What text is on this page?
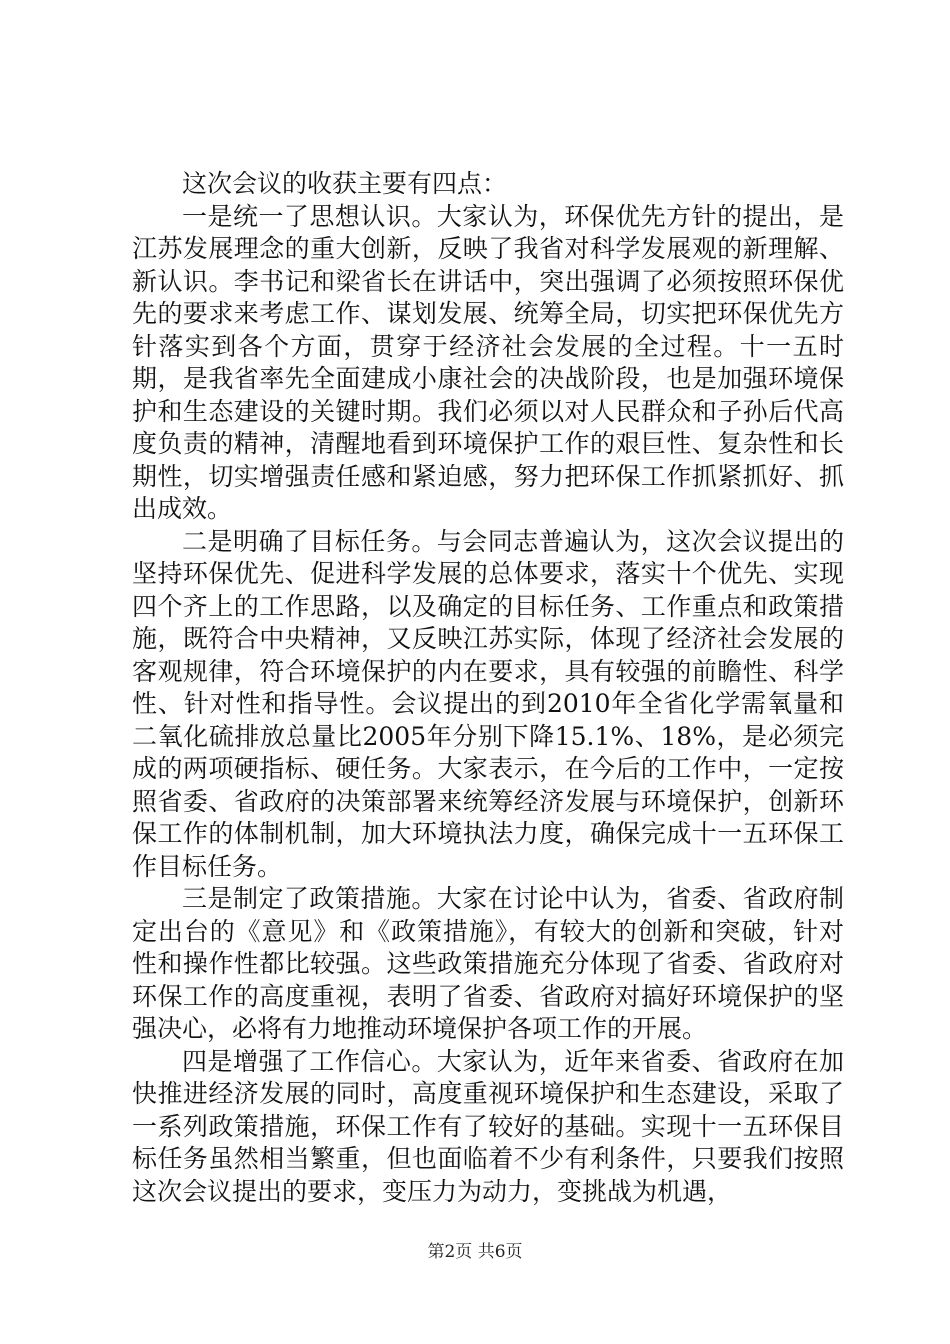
这次会议的收获主要有四点：

一是统一了思想认识。大家认为，环保优先方针的提出，是江苏发展理念的重大创新，反映了我省对科学发展观的新理解、新认识。李书记和梁省长在讲话中，突出强调了必须按照环保优先的要求来考虑工作、谋划发展、统筹全局，切实把环保优先方针落实到各个方面，贯穿于经济社会发展的全过程。十一五时期，是我省率先全面建成小康社会的决战阶段，也是加强环境保护和生态建设的关键时期。我们必须以对人民群众和子孙后代高度负责的精神，清醒地看到环境保护工作的艰巨性、复杂性和长期性，切实增强责任感和紧迫感，努力把环保工作抓紧抓好、抓出成效。

二是明确了目标任务。与会同志普遍认为，这次会议提出的坚持环保优先、促进科学发展的总体要求，落实十个优先、实现四个齐上的工作思路，以及确定的目标任务、工作重点和政策措施，既符合中央精神，又反映江苏实际，体现了经济社会发展的客观规律，符合环境保护的内在要求，具有较强的前瞻性、科学性、针对性和指导性。会议提出的到2010年全省化学需氧量和二氧化硫排放总量比2005年分别下降15.1%、18%，是必须完成的两项硬指标、硬任务。大家表示，在今后的工作中，一定按照省委、省政府的决策部署来统筹经济发展与环境保护，创新环保工作的体制机制，加大环境执法力度，确保完成十一五环保工作目标任务。

三是制定了政策措施。大家在讨论中认为，省委、省政府制定出台的《意见》和《政策措施》，有较大的创新和突破，针对性和操作性都比较强。这些政策措施充分体现了省委、省政府对环保工作的高度重视，表明了省委、省政府对搞好环境保护的坚强决心，必将有力地推动环境保护各项工作的开展。

四是增强了工作信心。大家认为，近年来省委、省政府在加快推进经济发展的同时，高度重视环境保护和生态建设，采取了一系列政策措施，环保工作有了较好的基础。实现十一五环保目标任务虽然相当繁重，但也面临着不少有利条件，只要我们按照这次会议提出的要求，变压力为动力，变挑战为机遇，

第2页 共6页
